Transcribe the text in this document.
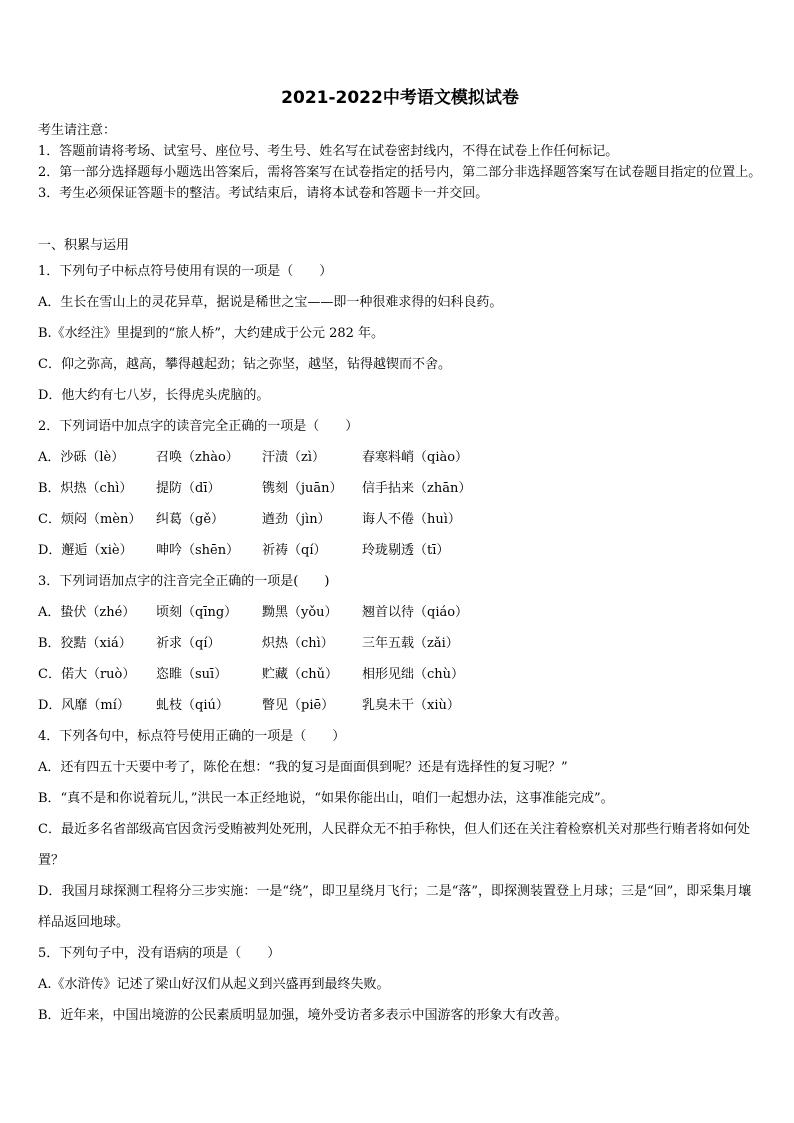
2021-2022中考语文模拟试卷
考生请注意：
1．答题前请将考场、试室号、座位号、考生号、姓名写在试卷密封线内，不得在试卷上作任何标记。
2．第一部分选择题每小题选出答案后，需将答案写在试卷指定的括号内，第二部分非选择题答案写在试卷题目指定的位置上。
3．考生必须保证答题卡的整洁。考试结束后，请将本试卷和答题卡一并交回。
一、积累与运用
1．下列句子中标点符号使用有误的一项是（　　）
A．生长在雪山上的灵花异草，据说是稀世之宝——即一种很难求得的妇科良药。
B.《水经注》里提到的“旅人桥”，大约建成于公元 282 年。
C．仰之弥高，越高，攀得越起劲；钻之弥坚，越坚，钻得越锲而不舍。
D．他大约有七八岁，长得虎头虎脑的。
2．下列词语中加点字的读音完全正确的一项是（　　）
A．沙砾（lè）	召唤（zhào）	汗渍（zì）	春寒料峭（qiào）
B．炽热（chì）	提防（dī）	镌刻（juān）	信手拈来（zhān）
C．烦闷（mèn）	纠葛（gě）	遒劲（jìn）	诲人不倦（huì）
D．邂逅（xiè）	呻吟（shēn）	祈祷（qí）	玲珑剔透（tī）
3．下列词语加点字的注音完全正确的一项是(　　)
A．蛰伏（zhé）	顷刻（qīng）	黝黑（yǒu）	翘首以待（qiáo）
B．狡黠（xiá）	祈求（qí）	炽热（chì）	三年五载（zǎi）
C．偌大（ruò）	恣睢（suī）	贮藏（chǔ）	相形见绌（chù）
D．风靡（mí）	虬枝（qiú）	瞥见（piē）	乳臭未干（xiù）
4．下列各句中，标点符号使用正确的一项是（　　）
A．还有四五十天要中考了，陈伦在想：“我的复习是面面俱到呢？还是有选择性的复习呢？”
B．“真不是和你说着玩儿，”洪民一本正经地说，“如果你能出山，咱们一起想办法，这事准能完成”。
C．最近多名省部级高官因贪污受贿被判处死刑，人民群众无不拍手称快，但人们还在关注着检察机关对那些行贿者将如何处置？
D．我国月球探测工程将分三步实施：一是“绕”，即卫星绕月飞行；二是“落”，即探测装置登上月球；三是“回”，即采集月壤样品返回地球。
5．下列句子中，没有语病的项是（　　）
A.《水浒传》记述了梁山好汉们从起义到兴盛再到最终失败。
B．近年来，中国出境游的公民素质明显加强，境外受访者多表示中国游客的形象大有改善。
